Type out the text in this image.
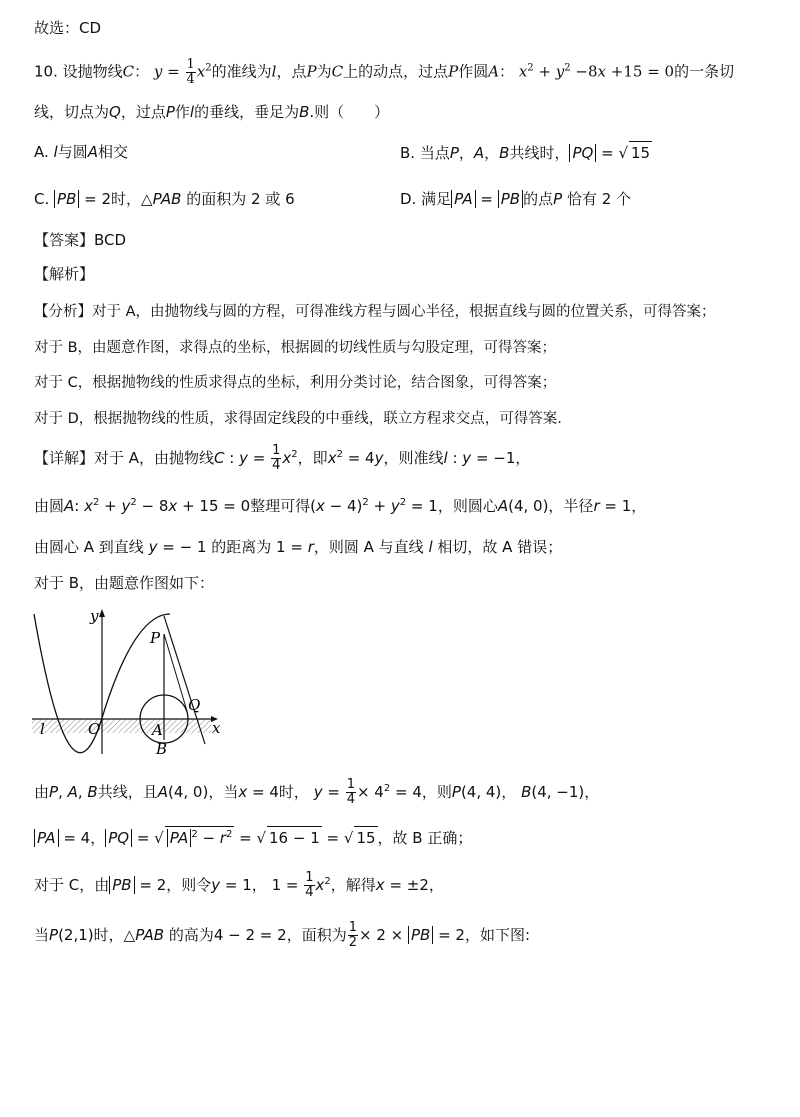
故选：CD
10. 设抛物线C： $y = \frac{1}{4} x^2$的准线为l，点P为C上的动点，过点P作圆A： $x^2 + y^2 -8x +15 = 0$的一条切
线，切点为Q，过点P作l的垂线，垂足为B.则（　　）
A. l与圆A相交	B. 当点P，A，B共线时， PQ = √ 15
C. PB = 2时，△PAB 的面积为 2 或 6	D. 满足 PA = PB 的点P 恰有 2 个
【答案】BCD
【解析】
【分析】对于 A，由抛物线与圆的方程，可得准线方程与圆心半径，根据直线与圆的位置关系，可得答案；
对于 B，由题意作图，求得点的坐标，根据圆的切线性质与勾股定理，可得答案；
对于 C，根据抛物线的性质求得点的坐标，利用分类讨论，结合图象，可得答案；
对于 D，根据抛物线的性质，求得固定线段的中垂线，联立方程求交点，可得答案.
【详解】对于 A，由抛物线C : $y = \frac{1}{4} x^2$，即$x^2 = 4y$，则准线l : y = −1，
由圆A: $x^2 + y^2 - 8x + 15 = 0$整理可得$(x - 4)^2 + y^2 = 1$，则圆心A(4, 0)，半径r = 1，
由圆心 A 到直线 y = − 1 的距离为 1 = r，则圆 A 与直线 l 相切，故 A 错误；
对于 B，由题意作图如下：
y
x
O	A
P
Q
B
l
由P, A, B共线，且A(4, 0)，当x = 4时， $y = \frac{1}{4} \times 4^2 = 4$，则P(4, 4)， B(4, −1)，
PA = 4， PQ = √ PA $^2 - r^2$ = √ 16 − 1 = √ 15 ，故 B 正确；
对于 C，由 PB = 2，则令y = 1， $1 = \frac{1}{4} x^2$，解得x = ±2，
当P(2,1)时，△PAB 的高为4 − 2 = 2，面积为 $\frac{1}{2} \times 2$ × PB = 2，如下图:
